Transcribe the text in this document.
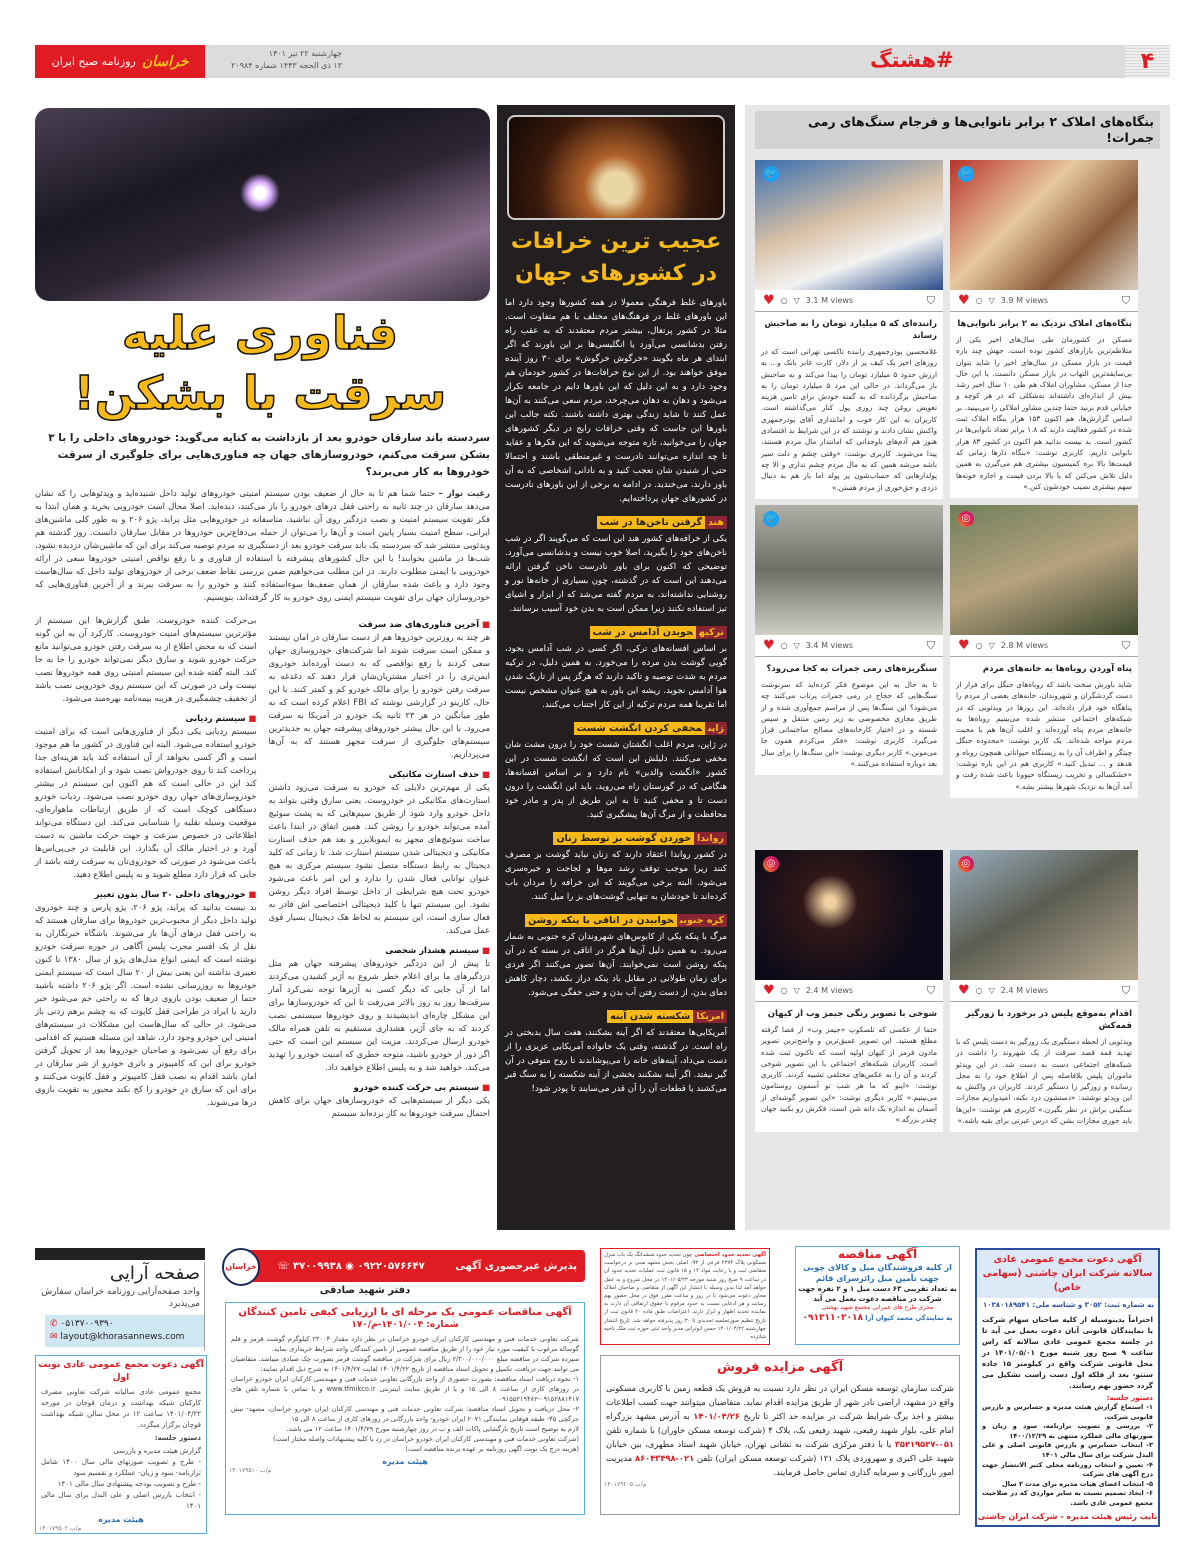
روزنامه صبح ایران خراسان	چهارشنبه ۲۲ تیر ۱۴۰۱
۱۳ ذی الحجه ۱۴۴۳ شماره ۲۰۹۸۴	#هشتگ	۴
بنگاه‌های املاک ۲ برابر نانوایی‌ها و فرجام سنگ‌های رمی جمرات!
🐦
♥ ○ ▽ 3.9 M views	⛉
بنگاه‌های املاک نزدیک به ۲ برابر نانوایی‌ها
مسکن در کشورمان طی سال‌های اخیر یکی از متلاطم‌ترین بازارهای کشور بوده است. جهش چند باره قیمت در بازار مسکن در سال‌های اخیر را شاید بتوان بی‌سابقه‌ترین التهاب در بازار مسکن دانست. با این حال جدا از مسکن، مشاوران املاک هم طی ۱۰ سال اخیر رشد بیش از اندازه‌ای داشته‌اند به‌شکلی که در هر کوچه و خیابانی قدم بزنید حتما چندین مشاور املاکی را می‌بینید. بر اساس گزارش‌ها، هم اکنون ۱۵۳ هزار بنگاه املاک ثبت شده در کشور فعالیت دارند که ۱.۸ برابر تعداد نانوایی‌ها در کشور است. بد نیست بدانید هم اکنون در کشور ۸۳ هزار نانوایی داریم. کاربری نوشت: «بنگاه دارها زمانی که قیمت‌ها بالا بره کمیسیون بیشتری هم می‌گیرن به همین دلیل تلاش می‌کنن که با بالا بردن قیمت و اجاره خونه‌ها سهم بیشتری نصیب خودشون کنن.»
🐦
♥ ○ ▽ 3.1 M views	⛉
راننده‌ای که ۵ میلیارد تومان را به صاحبش رساند
غلامحسین بوذرجمهری راننده تاکسی تهرانی است که در روزهای اخیر یک کیف پر از دلار، کارت عابر بانک و... به ارزش حدود ۵ میلیارد تومان را پیدا می‌کند و به صاحبش باز می‌گرداند. در حالی این مرد ۵ میلیارد تومان را به صاحبش برگردانده که به گفته خودش برای تامین هزینه تعویض روغن چند روزی پول کنار می‌گذاشته است. کاربران به این کار خوب و امانتداری آقای بوذرجمهری واکنش نشان دادند و نوشتند که در این شرایط بد اقتصادی هنوز هم آدم‌های باوجدانی که امانتدار مال مردم هستند، پیدا می‌شوند. کاربری نوشت: «وقتی چشم و دلت سیر باشه می‌شه همین که به مال مردم چشم نداری و الا چه پولدارهایی که حساب‌شون پر پوله اما باز هم به دنبال دزدی و حق‌خوری از مردم هستن.»
◎
♥ ○ ▽ 2.8 M views	⛉
پناه آوردن روباه‌ها به خانه‌های مردم
شاید باورش سخت باشد که روباه‌های جنگل برای فرار از دست گردشگران و شهروندان، خانه‌های بعضی از مردم را پناهگاه خود قرار داده‌اند. این روزها در ویدئویی که در شبکه‌های اجتماعی منتشر شده می‌بینیم روباه‌ها به خانه‌های مردم پناه آورده‌اند و اغلب آن‌ها هم با محبت مردم مواجه شده‌اند. یک کاربر نوشت: «محدوده جنگل چیتگر و اطراف آن را به زیستگاه حیواناتی همچون روباه و هدهد و ... تبدیل کنید.» کاربری هم در این باره نوشت: «خشکسالی و تخریب زیستگاه حیوونا باعث شده رفت و آمد آن‌ها به نزدیک شهرها بیشتر بشه.»
🐦
♥ ○ ▽ 3.4 M views	⛉
سنگریزه‌های رمی جمرات به کجا می‌رود؟
تا به حال به این موضوع فکر کرده‌اید که سرنوشت سنگ‌هایی که حجاج در رمی جمرات پرتاب می‌کنند چه می‌شود؟ این سنگ‌ها پس از مراسم جمع‌آوری شده و از طریق مجاری مخصوصی به زیر زمین منتقل و سپس شسته و در اختیار کارخانه‌های مصالح ساختمانی قرار می‌گیرد. کاربری نوشت: «فکر می‌کردم همون جا می‌مونن.» کاربر دیگری نوشت: «این سنگ‌ها را برای سال بعد دوباره استفاده می‌کنند.»
◎
♥ ○ ▽ 2.4 M views	⛉
اقدام به‌موقع پلیس در برخورد با زورگیر قمه‌کش
ویدئویی از لحظه دستگیری یک زورگیر به دست پلیس که با تهدید قمه قصد سرقت از یک شهروند را داشت در شبکه‌های اجتماعی دست به دست شد. در این ویدئو ماموران پلیس بلافاصله پس از اطلاع خود را به محل رسانده و زورگیر را دستگیر کردند. کاربران در واکنش به این ویدئو نوشتند: «دستشون درد نکنه، امیدواریم مجازات سنگینی براش در نظر بگیرن.» کاربری هم نوشت: «این‌ها باید جوری مجازات بشن که درس عبرتی برای بقیه باشه.»
◎
♥ ○ ▽ 2.4 M views	⛉
شوخی با تصویر رنگی جیمز وب از کیهان
حتما از عکسی که تلسکوپ «جیمز وب» از فضا گرفته مطلع هستید. این تصویر عمیق‌ترین و واضح‌ترین تصویر مادون قرمز از کیهان اولیه است که تاکنون ثبت شده است. کاربران شبکه‌های اجتماعی با این تصویر شوخی کردند و آن را به عکس‌های مختلفی تشبیه کردند. کاربری نوشت: «اینو که ما هر شب تو آسمون روستامون می‌بینیم.» کاربر دیگری نوشت: «این تصویر گوشه‌ای از آسمان به اندازه یک دانه شن است، فکرش رو بکنید جهان چقدر بزرگه.»
عجیب ترین خرافات
در کشورهای جهان
باورهای غلط فرهنگی معمولا در همه کشورها وجود دارد اما این باورهای غلط در فرهنگ‌های مختلف با هم متفاوت است. مثلا در کشور پرتغال، بیشتر مردم معتقدند که به عقب راه رفتن بدشانسی می‌آورد یا انگلیسی‌ها بر این باورند که اگر ابتدای هر ماه بگویند «خرگوش خرگوش» برای ۳۰ روز آینده موفق خواهند بود. از این نوع خرافات‌ها در کشور خودمان هم وجود دارد و به این دلیل که این باورها دایم در جامعه تکرار می‌شود و دهان به دهان می‌چرخد، مردم سعی می‌کنند به آن‌ها عمل کنند تا شاید زندگی بهتری داشته باشند. نکته جالب این باورها این جاست که وقتی خرافات رایج در دیگر کشورهای جهان را می‌خوانید، تازه متوجه می‌شوید که این فکرها و عقاید تا چه اندازه می‌توانند نادرست و غیرمنطقی باشند و احتمالا حتی از شنیدن شان تعجب کنید و به نادانی اشخاصی که به آن باور دارند، می‌خندید. در ادامه به برخی از این باورهای نادرست در کشورهای جهان پرداخته‌ایم.
هندگرفتن ناخن‌ها در شب
یکی از خرافه‌های کشور هند این است که می‌گویند اگر در شب ناخن‌های خود را بگیرید، اصلا خوب نیست و بدشانسی می‌آورد. توضیحی که اکنون برای باور نادرست ناخن گرفتن ارائه می‌دهند این است که در گذشته، چون بسیاری از خانه‌ها نور و روشنایی نداشته‌اند، به مردم گفته می‌شد که از ابزار و اشیای تیز استفاده نکنند زیرا ممکن است به بدن خود آسیب برسانند.
ترکیهجویدن آدامس در شب
بر اساس افسانه‌های ترکی، اگر کسی در شب آدامس بجود، گویی گوشت بدن مرده را می‌خورد. به همین دلیل، در ترکیه مردم به شدت توصیه و تاکید دارند که هرگز پس از تاریک شدن هوا آدامس نجوید. ریشه این باور به هیچ عنوان مشخص نیست اما تقریبا همه مردم ترکیه از این کار اجتناب می‌کنند.
ژاپنمخفی کردن انگشت شست
در ژاپن، مردم اغلب انگشتان شست خود را درون مشت شان مخفی می‌کنند. دلیلش این است که انگشت شست در این کشور «انگشت والدین» نام دارد و بر اساس افسانه‌ها، هنگامی که در گورستان راه می‌روید، باید این انگشت را درون دست تا و مخفی کنید تا به این طریق از پدر و مادر خود محافظت و از مرگ آن‌ها پیشگیری کنید.
روانداخوردن گوشت بز توسط زنان
در کشور رواندا اعتقاد دارند که زنان نباید گوشت بز مصرف کنند زیرا موجب توقف رشد موها و لجاجت و خیره‌سری می‌شود. البته برخی می‌گویند که این خرافه را مردان باب کرده‌اند تا خودشان به تنهایی گوشت‌های بز را میل کنند.
کره جنوبیخوابیدن در اتاقی با پنکه روشن
مرگ با پنکه یکی از کابوس‌های شهروندان کره جنوبی به شمار می‌رود. به همین دلیل آن‌ها هرگز در اتاقی در بسته که در آن پنکه روشن است نمی‌خوابند. آن‌ها تصور می‌کنند اگر فردی برای زمان طولانی در مقابل باد پنکه دراز بکشد، دچار کاهش دمای بدن، از دست رفتن آب بدن و حتی خفگی می‌شود.
امریکاشکسته شدن آینه
آمریکایی‌ها معتقدند که اگر آینه بشکنند، هفت سال بدبختی در راه است. در گذشته، وقتی یک خانواده آمریکایی عزیزی را از دست می‌داد، آینه‌های خانه را می‌پوشاندند تا روح متوفی در آن گیر نیفتد. اگر آینه بشکنند بخشی از آینه شکسته را به سنگ قبر می‌کشند یا قطعات آن را آن قدر می‌سایند تا پودر شود!
فناوری علیه
سرقت با بشکن!
سردسته باند سارقان خودرو بعد از بازداشت به کنایه می‌گوید: خودروهای داخلی را با ۳ بشکن سرقت می‌کنم، خودروسازهای جهان چه فناوری‌هایی برای جلوگیری از سرقت خودروها به کار می‌برند؟
رعیت نواز – حتما شما هم تا به حال از ضعیف بودن سیستم امنیتی خودروهای تولید داخل شنیده‌اید و ویدئوهایی را که نشان می‌دهد سارقان در چند ثانیه به راحتی قفل درهای خودرو را باز می‌کنند، دیده‌اید. اصلا محال است خودرویی بخرید و همان ابتدا به فکر تقویت سیستم امنیت و نصب دزدگیر روی آن نباشید. متاسفانه در خودروهایی مثل پراید، پژو ۲۰۶ و به طور کلی ماشین‌های ایرانی، سطح امنیت بسیار پایین است و آن‌ها را می‌توان از جمله بی‌دفاع‌ترین خودروها در مقابل سارقان دانست. روز گذشته هم ویدئویی منتشر شد که سردسته یک باند سرقت خودرو بعد از دستگیری به مردم توصیه می‌کند برای این که ماشین‌شان دزدیده نشود، شب‌ها در ماشین بخوابند! با این حال کشورهای پیشرفته با استفاده از فناوری و با رفع نواقص امنیتی خودروها سعی در ارائه خودرویی با ایمنی مطلوب دارند. در این مطلب می‌خواهیم ضمن بررسی نقاط ضعف برخی از خودروهای تولید داخل که سال‌هاست وجود دارد و باعث شده سارقان از همان ضعف‌ها سوءاستفاده کنند و خودرو را به سرقت ببرند و از آخرین فناوری‌هایی که خودروسازان جهان برای تقویت سیستم ایمنی روی خودرو به کار گرفته‌اند، بنویسیم.
■ آخرین فناوری‌های ضد سرقت
هر چند به روزترین خودروها هم از دست سارقان در امان نیستند و ممکن است سرقت شوند اما شرکت‌های خودروسازی جهان سعی کردند با رفع نواقصی که به دست آورده‌اند خودروی ایمن‌تری را در اختیار مشتریان‌شان قرار دهند که دغدغه به سرقت رفتن خودرو را برای مالک خودرو کم و کمتر کنند. با این حال، کارینو در گزارشی نوشته که FBI اعلام کرده است که به طور میانگین در هر ۲۳ ثانیه یک خودرو در آمریکا به سرقت می‌رود. با این حال بیشتر خودروهای پیشرفته جهان به جدیدترین سیستم‌های جلوگیری از سرقت مجهز هستند که به آن‌ها می‌پردازیم.
■ حذف استارت مکانیکی
یکی از مهم‌ترین دلایلی که خودرو به سرقت می‌رود داشتن استارت‌های مکانیکی در خودروست. یعنی سارق وقتی بتواند به داخل خودرو وارد شود از طریق سیم‌هایی که به پشت سوئیچ آمده می‌تواند خودرو را روشن کند. همین اتفاق در ابتدا باعث ساخت سوئیچ‌های مجهز به ایموبلایزر و بعد هم حذف استارت مکانیکی و دیجیتالی شدن سیستم استارت شد. تا زمانی که کلید دیجیتال به رابط دستگاه متصل نشود سیستم مرکزی به هیچ عنوان توانایی فعال شدن را ندارد و این امر باعث می‌شود خودرو تحت هیچ شرایطی از داخل توسط افراد دیگر روشن نشود. این سیستم تنها با کلید دیجیتالی اختصاصی اش قادر به فعال سازی است، این سیستم به لحاظ هک دیجیتال بسیار قوی عمل می‌کند.
■ سیستم هشدار شخصی
تا پیش از این دزدگیر خودروهای پیشرفته جهان هم مثل دزدگیرهای ما برای اعلام خطر شروع به آژیر کشیدن می‌کردند اما از آن جایی که دیگر کسی به آژیرها توجه نمی‌کرد آمار سرقت‌ها روز به روز بالاتر می‌رفت تا این که خودروسازها برای این مشکل چاره‌ای اندیشیدند و روی خودروها سیستمی نصب کردند که به جای آژیر، هشداری مستقیم به تلفن همراه مالک خودرو ارسال می‌کردند. مزیت این سیستم این است که حتی اگر دور از خودرو باشید، متوجه خطری که امنیت خودرو را تهدید می‌کند، خواهید شد و به پلیس اطلاع خواهید داد.
■ سیستم بی حرکت کننده خودرو
یکی دیگر از سیستم‌هایی که خودروسازهای جهان برای کاهش احتمال سرقت خودروها به کار برده‌اند سیستم
بی‌حرکت کننده خودروست. طبق گزارش‌ها این سیستم از مؤثرترین سیستم‌های امنیت خودروست. کارکرد آن به این گونه است که به محض اطلاع از به سرقت رفتن خودرو می‌توانید مانع حرکت خودرو شوید و سارق دیگر نمی‌تواند خودرو را جا به جا کند. البته گفته شده این سیستم امنیتی روی همه خودروها نصب نیست ولی در صورتی که این سیستم روی خودرویی نصب باشد از تخفیف چشمگیری در هزینه بیمه‌نامه بهره‌مند می‌شود.
■ سیستم ردیابی
سیستم ردیابی یکی دیگر از فناوری‌هایی است که برای امنیت خودرو استفاده می‌شود. البته این فناوری در کشور ما هم موجود است و اگر کسی بخواهد از آن استفاده کند باید هزینه‌ای جدا پرداخت کند تا روی خودرواش نصب شود و از امکاناتش استفاده کند این در حالی است که هم اکنون این سیستم در بیشتر خودروسازی‌های جهان روی خودرو نصب می‌شود. ردیاب خودرو دستگاهی کوچک است که از طریق ارتباطات ماهواره‌ای، موقعیت وسیله نقلیه را شناسایی می‌کند. این دستگاه می‌تواند اطلاعاتی در خصوص سرعت و جهت حرکت ماشین به دست آورد و در اختیار مالک آن بگذارد. این قابلیت در جی‌پی‌اس‌ها باعث می‌شود در صورتی که خودروی‌تان به سرقت رفته باشد از جایی که قرار دارد مطلع شوید و به پلیس اطلاع دهید.
■ خودروهای داخلی ۲۰ سال بدون تغییر
بد نیست بدانید که پراید، پژو ۲۰۶، پژو پارس و چند خودروی تولید داخل دیگر از محبوب‌ترین خودروها برای سارقان هستند که به راحتی قفل درهای آن‌ها باز می‌شوند. باشگاه خبرنگاران به نقل از یک افسر مجرب پلیس آگاهی در حوزه سرقت خودرو نوشته است که ایمنی انواع مدل‌های پژو از سال ۱۳۸۰ تا کنون تغییری نداشته این یعنی بیش از ۲۰ سال است که سیستم ایمنی خودروها به روزرسانی نشده است. اگر پژو ۲۰۶ داشته باشید حتما از ضعیف بودن بازوی درها که به راحتی خم می‌شود خبر دارید یا ایراد در طراحی قفل کاپوت که به چشم برهم زدنی باز می‌شود. در حالی که سال‌هاست این مشکلات در سیستم‌های امنیتی این خودرو وجود دارد، شاهد این مسئله هستیم که اقدامی برای رفع آن نمی‌شود و صاحبان خودروها بعد از تحویل گرفتن خودرو برای این که کامپیوتر و باتری خودرو از شر سارقان در امان باشد اقدام به نصب قفل کامپیوتر و قفل کاپوت می‌کنند و برای این که سارق درِ خودرو را کج نکند مجبور به تقویت بازوی درها می‌شوند.
صفحه آرایی
واحد صفحه‌آرایی روزنامه خراسان سفارش می‌پذیرد
✆ ۰۵۱۳۷۰۰۹۳۹۰
✉ layout@khorasannews.com
آگهی دعوت مجمع عمومی عادی نوبت اول
مجمع عمومی عادی سالیانه شرکت تعاونی مصرف کارکنان شبکه بهداشت و درمان قوچان در مورخه ۱۴۰۱/۰۴/۲۲ ساعت ۱۲ در محل سالن شبکه بهداشت قوچان برگزار میگردد.
دستور جلسه:
گزارش هیئت مدیره و بازرسی
- طرح و تصویب صورتهای مالی سال ۱۴۰۰ شامل ترازنامه- سود و زیان- عملکرد و تقسیم سود
- طرح و تصویب بودجه پیشنهادی سال مالی ۱۴۰۱
- انتخاب بازرس اصلی و علی البدل برای سال مالی ۱۴۰۱
هیئت مدیره
م/ب ۱۴۰۱۷۹۵۰۲
☏ ۳۷۰۰۹۹۳۸ ◉ ۰۹۲۲۰۵۷۶۶۴۷	پذیرش غیرحضوری آگهی
خراسان
دفتر شهید صادقی
آگهی مناقصات عمومی یک مرحله ای با ارزیابی کیفی تامین کنندگان
شماره: ۱۴۰۱/۰۰۴-م/۱۷۰
شرکت تعاونی خدمات فنی و مهندسی کارکنان ایران خودرو خراسان در نظر دارد مقدار ۲۳۰۰۴ کیلوگرم گوشت قرمز و قلم گوساله مرغوب با کیفیت مورد نیاز خود را از طریق مناقصه عمومی از تامین کنندگان واجد شرایط خریداری نماید.
سپرده شرکت در مناقصه مبلغ ۲/۳۰۰/۰۰۰/۰۰۰ ریال برای شرکت در مناقصه گوشت قرمز بصورت چک صیادی میباشد. متقاضیان می توانند جهت دریافت، تکمیل و تحویل اسناد مناقصه از تاریخ ۱۴۰۱/۴/۲۲ لغایت ۱۴۰۱/۴/۲۷ به شرح ذیل اقدام نمایند:
۱- نحوه دریافت اسناد مناقصه: بصورت حضوری از واحد بازرگانی تعاونی خدمات فنی و مهندسی کارکنان ایران خودرو خراسان در روزهای کاری از ساعت ۸ الی ۱۵ و یا از طریق سایت اینترنتی www.tfmikco.ir و یا تماس با شماره تلفن های ۰۹۱۵۲۸۸۱۴۱۷-۰۹۱۵۵۲۱۹۴۸۲
۲- محل دریافت و تحویل اسناد مناقصه: شرکت تعاونی خدمات فنی و مهندسی کارکنان ایران خودرو خراسان، مشهد- نبش جرگچی ۴۵- طبقه فوقانی نمایندگی ۲۰۷۱ ایران خودرو- واحد بازرگانی در روزهای کاری از ساعت ۸ الی ۱۵
لازم به توضیح است تاریخ بازگشایی پاکات الف و ب در روز چهارشنبه مورخ ۱۴۰۱/۴/۲۹ ساعت ۱۲ می باشد.
(شرکت تعاونی خدمات فنی و مهندسی کارکنان ایران خودرو خراسان در رد یا کلیه پیشنهادات واصله مختار است)
(هزینه درج یک نوبت آگهی روزنامه بر عهده برنده مناقصه است)
هیئت مدیره
م/ب ۱۴۰۱۷۹۵۱۰
آگهی تحدید حدود اختصاصی چون تحدید حدود ششدانگ یک باب منزل مسکونی پلاک ۴۳۷۴ فرعی از ۹۳- اصلی بخش مشهد مبنی بر درخواست متقاضی ثبت و با رعایت مواد ۱۴ و ۱۵ قانون ثبت عملیات تحدید حدود آن در ساعت ۹ صبح روز شنبه مورخه ۱۴۰۱/۰۵/۲۳ در محل شروع و به عمل خواهد آمد لذا بدین وسیله با انتشار این آگهی از متقاضی و صاحبان املاک مجاور دعوت می‌شود تا در روز و ساعت مقرر فوق در محل حضور بهم رسانند و هر ادعایی نسبت به حدود مرقوم یا حقوق ارتفاقی آن دارند به نماینده تحدید اظهار و ابراز دارند. اعتراضات طبق ماده ۲۰ قانون ثبت از تاریخ تنظیم صورتجلسه تحدیدی تا ۳۰ روز پذیرفته خواهد شد. تاریخ انتشار چهارشنبه ۱۴۰۱/۰۴/۲۲ حسن ابوترابی مدیر واحد ثبتی حوزه ثبت ملک ناحیه شانزده
آگهی مناقصه
از کلیه فروشندگان مبل و کالای چوبی جهت تأمین مبل زائرسرای قائم
به تعداد تقریبی ۶۳ دست مبل ۱ و ۲ نفره جهت شرکت در مناقصه دعوت بعمل می آید
مجری طرح های عمرانی مجتمع شهید بهشتی
به نمایندگی محمد کیوان آرا ۰۹۱۳۱۱۰۲۰۱۸
آگهی مزایده فروش
شرکت سازمان توسعه مسکن ایران در نظر دارد نسبت به فروش یک قطعه زمین با کاربری مسکونی واقع در مشهد، اراضی نادر شهر از طریق مزایده اقدام نماید. متقاضیان میتوانند جهت کسب اطلاعات بیشتر و اخذ برگ شرایط شرکت در مزایده حد اکثر تا تاریخ ۱۴۰۱/۰۴/۲۶ به آدرس مشهد بزرگراه امام علی، بلوار شهید رفیعی، شهید رفیعی یک، پلاک ۴ (شرکت توسعه مسکن خاوران) با شماره تلفن ۰۵۱-۳۵۲۱۹۵۲۷ یا با دفتر مرکزی شرکت به نشانی تهران، خیابان شهید استاد مطهری، بین خیابان شهید علی اکبری و سهروردی پلاک ۱۲۱ (شرکت توسعه مسکن ایران) تلفن ۰۲۱-۸۶۰۴۳۴۹۸ مدیریت امور بازرگانی و سرمایه گذاری تماس حاصل فرمایند.
م/ب ۱۴۰۱۷۹۲۰۵
آگهی دعوت مجمع عمومی عادی سالانه شرکت ایران چاشنی (سهامی خاص)
به شماره ثبت: ۳۰۵۲ و شناسه ملی: ۱۰۳۸۰۱۸۹۵۴۱
احتراماً بدینوسیله از کلیه صاحبان سهام شرکت یا نمایندگان قانونی آنان دعوت بعمل می آید تا در جلسه مجمع عمومی عادی سالانه که راس ساعت ۹ صبح روز شنبه مورخ ۱۴۰۱/۰۵/۰۱ در محل قانونی شرکت واقع در کیلومتر ۱۵ جاده سنتو- بعد از فلکه اول دست راست تشکیل می گردد حضور بهم رسانند.
دستور جلسه:
۱- استماع گزارش هیئت مدیره و حسابرس و بازرس قانونی شرکت.
۲- بررسی و تصویب ترازنامه، سود و زیان و صورتهای مالی عملکرد منتهی به ۱۴۰۰/۱۲/۲۹
۳- انتخاب حسابرس و بازرس قانونی اصلی و علی البدل شرکت برای سال مالی ۱۴۰۱
۴- تعیین و انتخاب روزنامه محلی کثیر الانتشار جهت درج آگهی های شرکت
۵- انتخاب اعضای هیات مدیره برای مدت ۲ سال
۶- اتخاذ تصمیم نسبت به سایر مواردی که در صلاحیت مجمع عمومی عادی باشد.
نایب رئیس هیئت مدیره - شرکت ایران چاشنی
